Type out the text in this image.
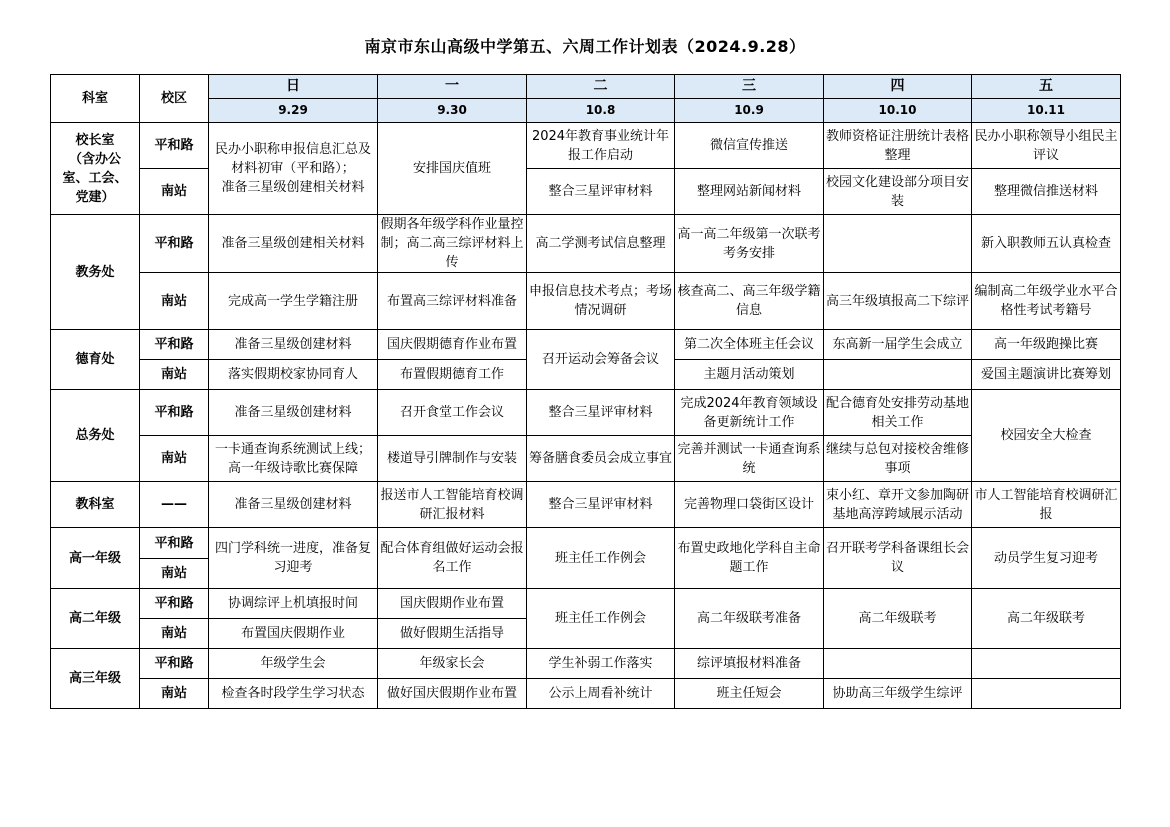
南京市东山高级中学第五、六周工作计划表（2024.9.28）
科室	校区	日	一	二	三	四	五
		9.29	9.30	10.8	10.9	10.10	10.11
校长室
（含办公
室、工会、
党建）	平和路	民办小职称申报信息汇总及材料初审（平和路）；
准备三星级创建相关材料	安排国庆值班	2024年教育事业统计年报工作启动	微信宣传推送	教师资格证注册统计表格整理	民办小职称领导小组民主评议
	南站			整合三星评审材料	整理网站新闻材料	校园文化建设部分项目安装	整理微信推送材料
教务处	平和路	准备三星级创建相关材料	假期各年级学科作业量控制；高二高三综评材料上传	高二学测考试信息整理	高一高二年级第一次联考考务安排		新入职教师五认真检查
	南站	完成高一学生学籍注册	布置高三综评材料准备	申报信息技术考点；考场情况调研	核查高二、高三年级学籍信息	高三年级填报高二下综评	编制高二年级学业水平合格性考试考籍号
德育处	平和路	准备三星级创建材料	国庆假期德育作业布置	召开运动会筹备会议	第二次全体班主任会议	东高新一届学生会成立	高一年级跑操比赛
	南站	落实假期校家协同育人	布置假期德育工作		主题月活动策划		爱国主题演讲比赛筹划
总务处	平和路	准备三星级创建材料	召开食堂工作会议	整合三星评审材料	完成2024年教育领域设备更新统计工作	配合德育处安排劳动基地相关工作	校园安全大检查
	南站	一卡通查询系统测试上线；高一年级诗歌比赛保障	楼道导引牌制作与安装	筹备膳食委员会成立事宜	完善并测试一卡通查询系统	继续与总包对接校舍维修事项	
教科室	——	准备三星级创建材料	报送市人工智能培育校调研汇报材料	整合三星评审材料	完善物理口袋街区设计	束小红、章开文参加陶研基地高淳跨域展示活动	市人工智能培育校调研汇报
高一年级	平和路	四门学科统一进度，准备复习迎考	配合体育组做好运动会报名工作	班主任工作例会	布置史政地化学科自主命题工作	召开联考学科备课组长会议	动员学生复习迎考
	南站						
高二年级	平和路	协调综评上机填报时间	国庆假期作业布置	班主任工作例会	高二年级联考准备	高二年级联考	高二年级联考
	南站	布置国庆假期作业	做好假期生活指导				
高三年级	平和路	年级学生会	年级家长会	学生补弱工作落实	综评填报材料准备		
	南站	检查各时段学生学习状态	做好国庆假期作业布置	公示上周看补统计	班主任短会	协助高三年级学生综评	
